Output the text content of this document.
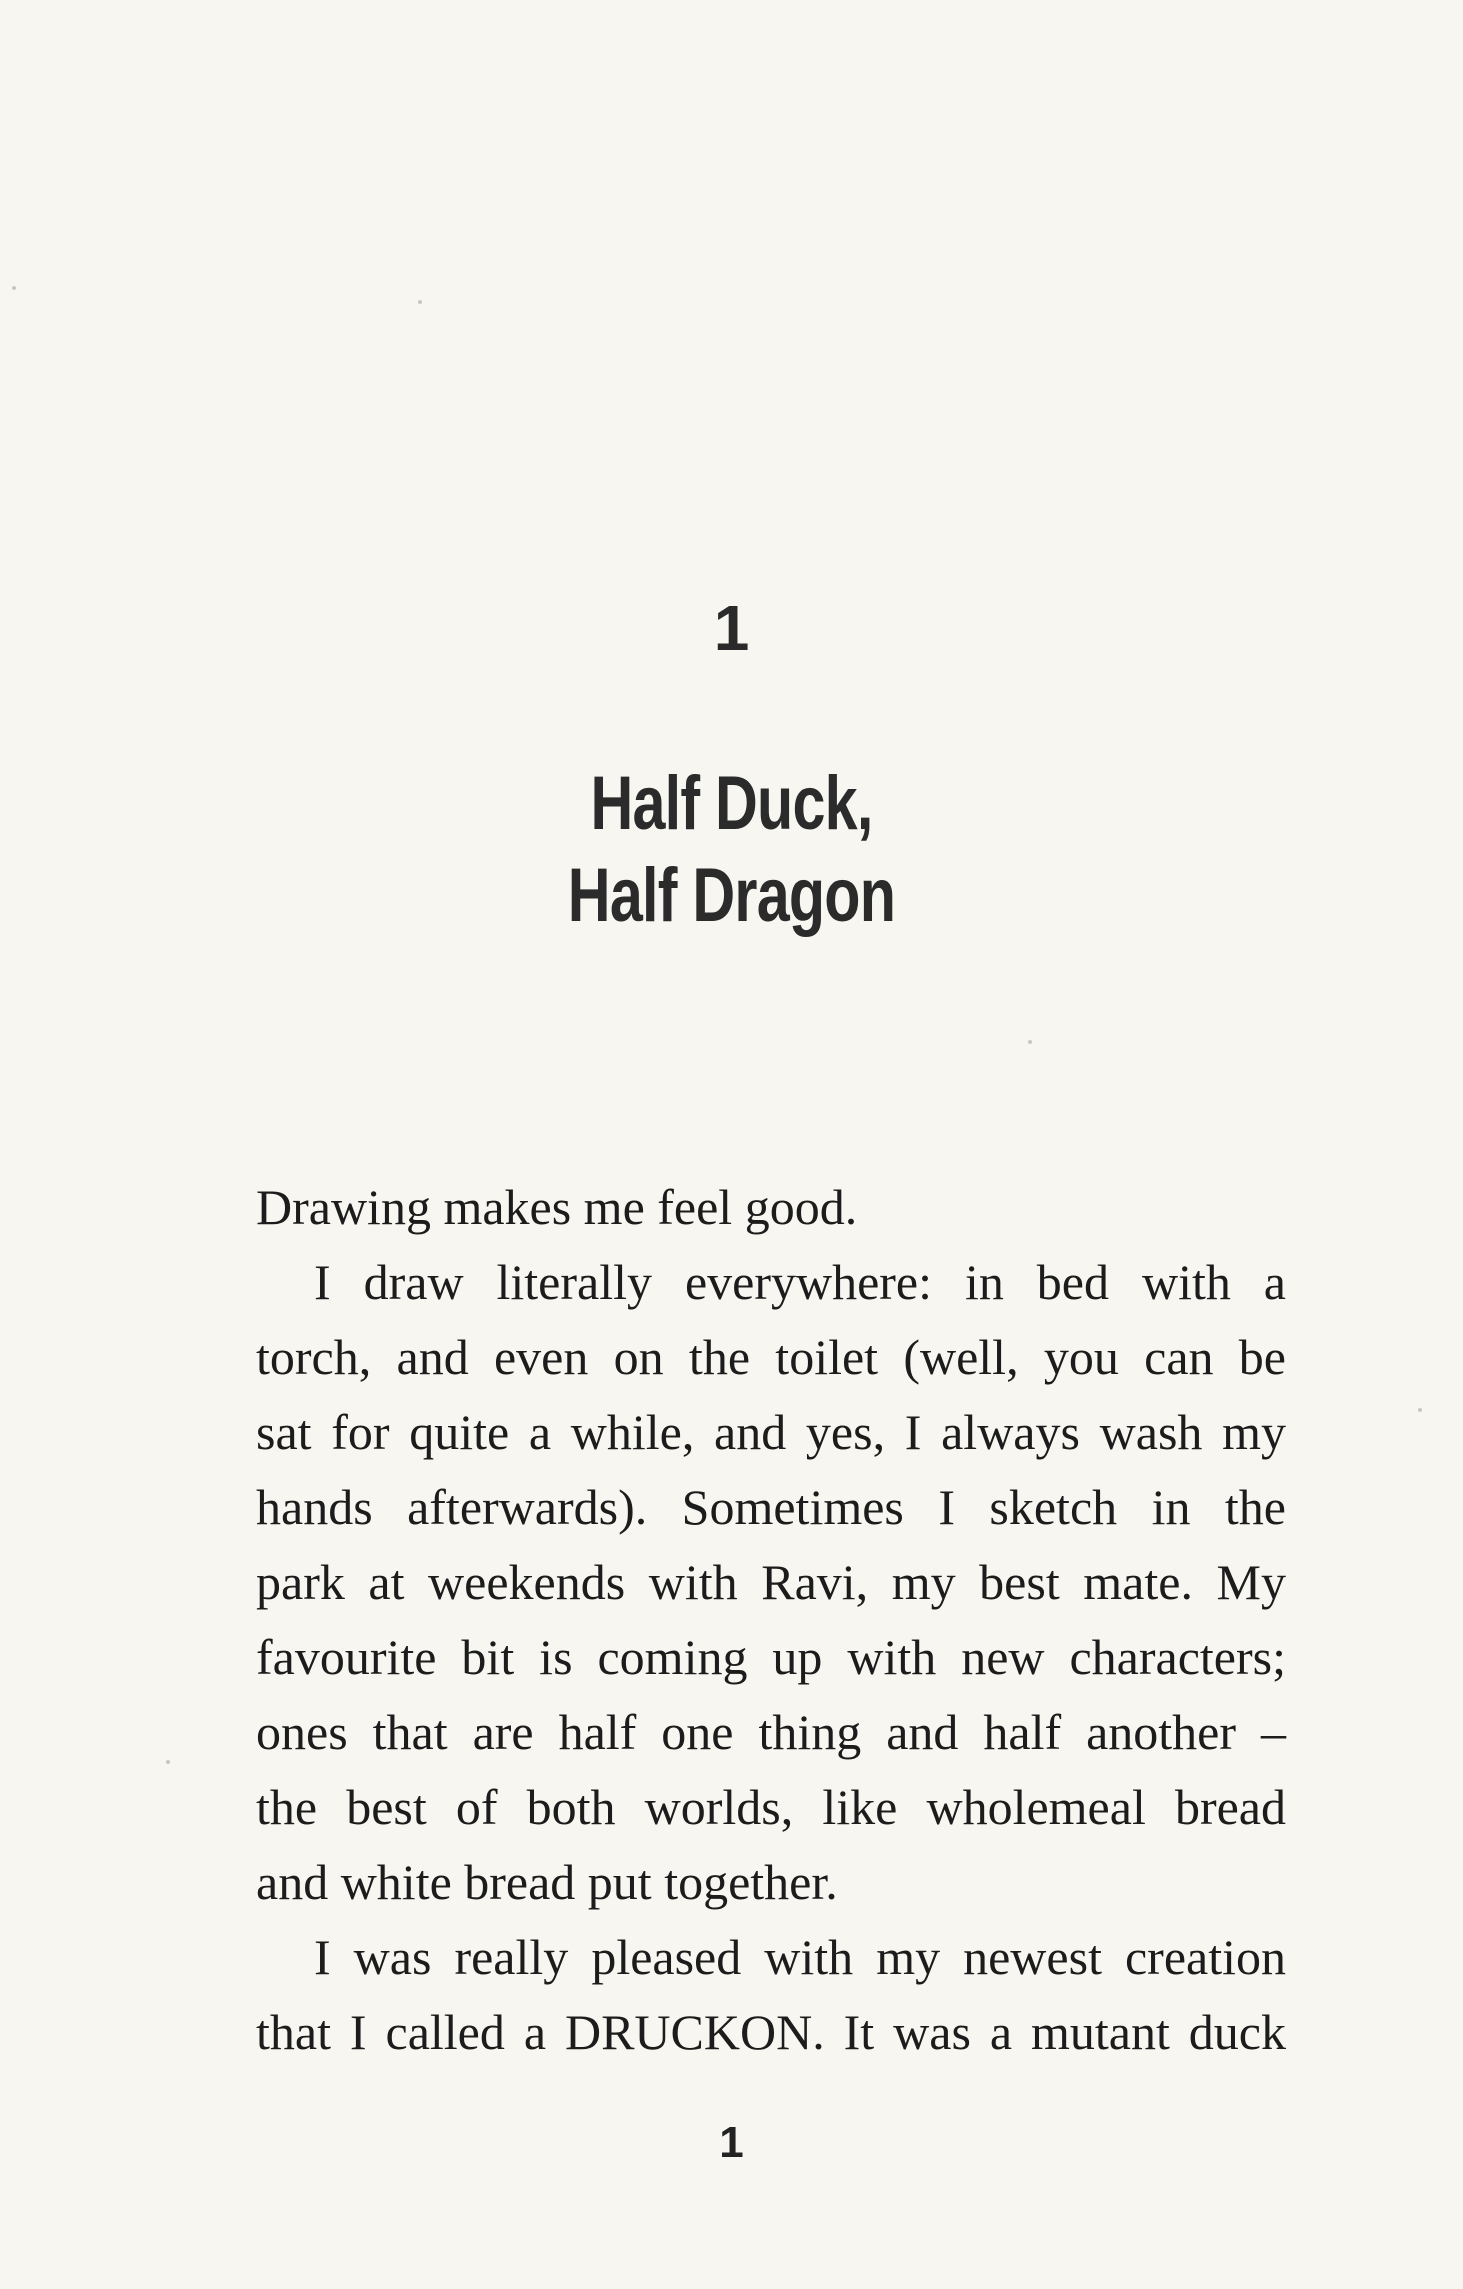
1
Half Duck,
Half Dragon
Drawing makes me feel good.
I draw literally everywhere: in bed with a
torch, and even on the toilet (well, you can be
sat for quite a while, and yes, I always wash my
hands afterwards). Sometimes I sketch in the
park at weekends with Ravi, my best mate. My
favourite bit is coming up with new characters;
ones that are half one thing and half another –
the best of both worlds, like wholemeal bread
and white bread put together.
I was really pleased with my newest creation
that I called a DRUCKON. It was a mutant duck
1
